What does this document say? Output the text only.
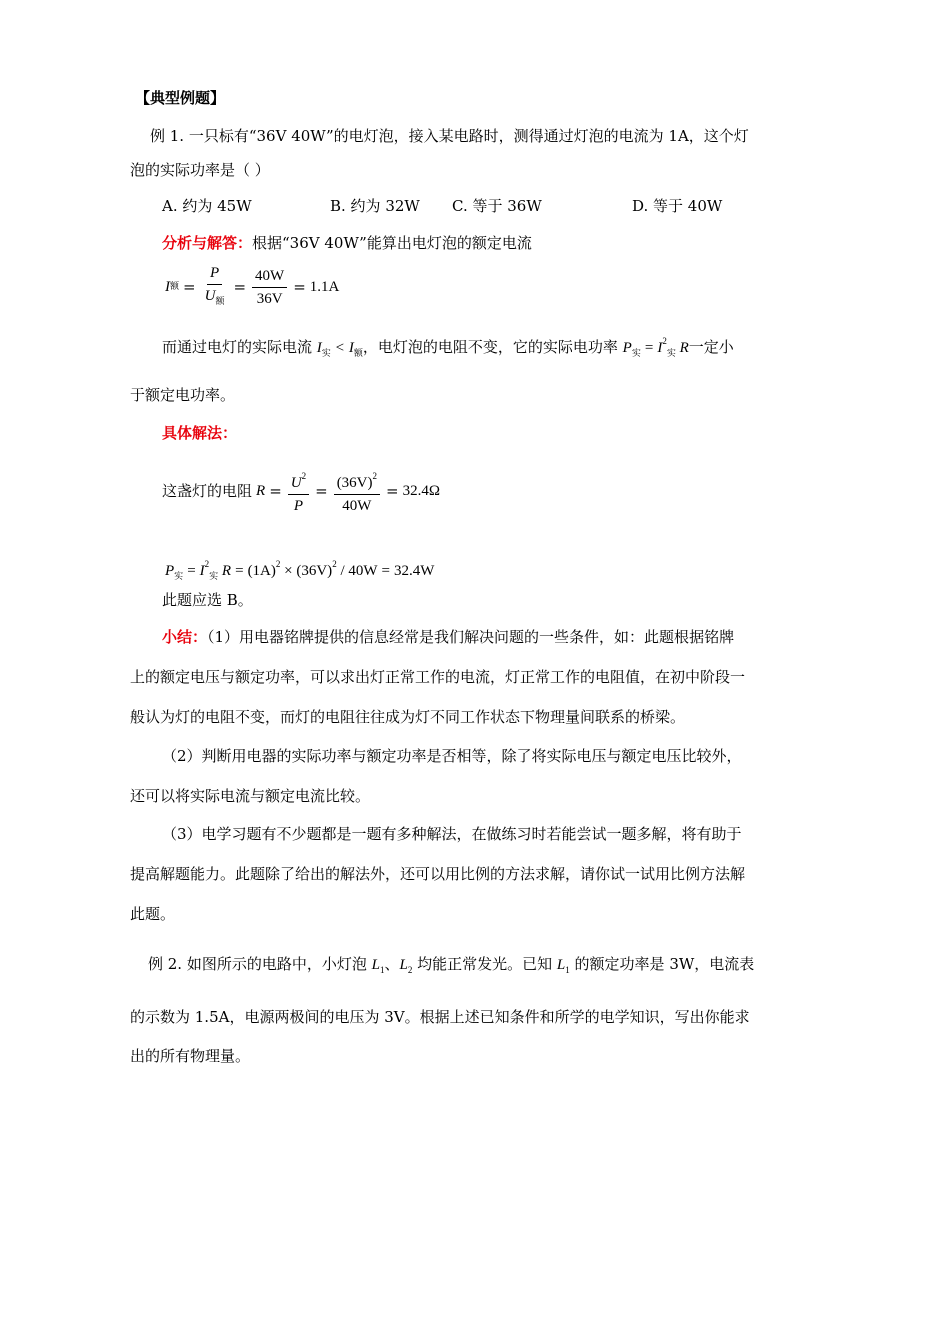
【典型例题】
例 1. 一只标有“36V 40W”的电灯泡，接入某电路时，测得通过灯泡的电流为 1A，这个灯
泡的实际功率是（ ）
A. 约为 45W	B. 约为 32W C. 等于 36W	D. 等于 40W
分析与解答：根据“36V 40W”能算出电灯泡的额定电流
I 额 = $\frac{P}{U_额} = \frac{40W}{36V} = 1.1A$
而通过电灯的实际电流 $I_实 < I_额$，电灯泡的电阻不变，它的实际电功率 $P_实 = I^2_实$ R一定小
于额定电功率。
具体解法：
这盏灯的电阻 $R = \frac{U^2}{P} = \frac{(36V)^2}{40W} = 32.4\Omega$
$P_实 = I^2_实$ $R = (1A)^2 \times (36V)^2 / 40W = 32.4W$
此题应选 B。
小结：（1）用电器铭牌提供的信息经常是我们解决问题的一些条件，如：此题根据铭牌
上的额定电压与额定功率，可以求出灯正常工作的电流，灯正常工作的电阻值，在初中阶段一
般认为灯的电阻不变，而灯的电阻往往成为灯不同工作状态下物理量间联系的桥梁。
（2）判断用电器的实际功率与额定功率是否相等，除了将实际电压与额定电压比较外，
还可以将实际电流与额定电流比较。
（3）电学习题有不少题都是一题有多种解法，在做练习时若能尝试一题多解，将有助于
提高解题能力。此题除了给出的解法外，还可以用比例的方法求解，请你试一试用比例方法解
此题。
例 2. 如图所示的电路中，小灯泡 $L_1$、$L_2$ 均能正常发光。已知 $L_1$ 的额定功率是 3W，电流表
的示数为 1.5A，电源两极间的电压为 3V。根据上述已知条件和所学的电学知识，写出你能求
出的所有物理量。
